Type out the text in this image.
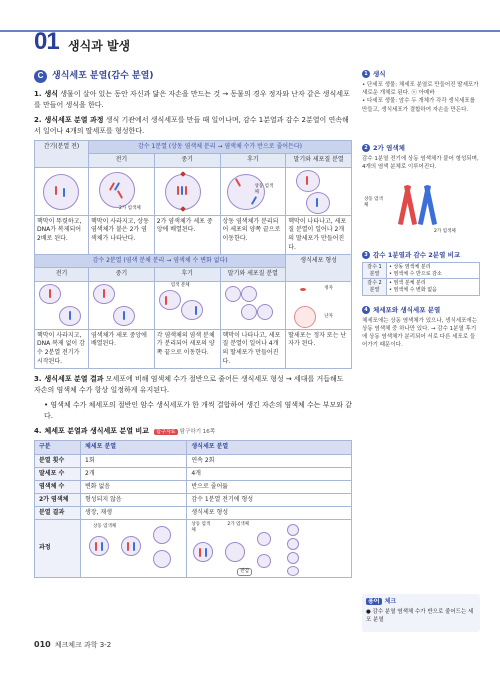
01 생식과 발생
C 생식세포 분열(감수 분열)

1. 생식 생물이 살아 있는 동안 자신과 닮은 자손을 만드는 것 → 동물의 경우 정자와 난자 같은 생식세포를 만들어 생식을 한다.

2. 생식세포 분열 과정 생식 기관에서 생식세포를 만들 때 일어나며, 감수 1분열과 감수 2분열이 연속해서 일어나 4개의 딸세포를 형성한다.

간기(분열 전)	감수 1분열 (상동 염색체 분리 → 염색체 수가 반으로 줄어든다)			
	전기	중기	후기	말기와 세포질 분열

	2가 염색체		상동 염색체	

핵막이 뚜렷하고, DNA가 복제되어 2배로 된다.	핵막이 사라지고, 상동 염색체가 붙은 2가 염색체가 나타난다.	2가 염색체가 세포 중앙에 배열된다.	상동 염색체가 분리되어 세포의 양쪽 끝으로 이동한다.	핵막이 나타나고, 세포질 분열이 일어나 2개의 딸세포가 만들어진다.
감수 2분열 (염색 분체 분리 → 염색체 수 변화 없다)				생식세포 형성
전기	중기	후기	말기와 세포질 분열	

		염색 분체		정자
난자

핵막이 사라지고, DNA 복제 없이 감수 2분열 전기가 시작된다.	염색체가 세포 중앙에 배열된다.	각 염색체의 염색 분체가 분리되어 세포의 양쪽 끝으로 이동한다.	핵막이 나타나고, 세포질 분열이 일어나 4개의 딸세포가 만들어진다.	딸세포는 정자 또는 난자가 된다.

3. 생식세포 분열 결과 모세포에 비해 염색체 수가 절반으로 줄어든 생식세포 형성 → 세대를 거듭해도 자손의 염색체 수가 항상 일정하게 유지된다.

• 염색체 수가 체세포의 절반인 암수 생식세포가 한 개씩 결합하여 생긴 자손의 염색체 수는 부모와 같다.

4. 체세포 분열과 생식세포 분열 비교 탐구자료 탐구하기 16쪽

구분	체세포 분열	생식세포 분열
분열 횟수	1회	연속 2회
딸세포 수	2개	4개
염색체 수	변화 없음	반으로 줄어듦
2가 염색체	형성되지 않음	감수 1분열 전기에 형성
분열 결과	생장, 재생	생식세포 형성
과정	상동 염색체	상동 염색체
2가 염색체
반감
1 생식
• 단세포 생물: 체세포 분열로 만들어진 딸세포가 새로운 개체로 된다. ⓔ 아메바
• 다세포 생물: 암수 두 개체가 각각 생식세포를 만들고, 생식세포가 결합하여 자손을 만든다.
2 2가 염색체
감수 1분열 전기에 상동 염색체가 붙어 형성되며, 4개의 염색 분체로 이루어진다.
상동 염색체
2가 염색체
3 감수 1분열과 감수 2분열 비교
감수 1분열	• 상동 염색체 분리
• 염색체 수 반으로 감소
감수 2분열	• 염색 분체 분리
• 염색체 수 변화 없음
4 체세포와 생식세포 분열
체세포에는 상동 염색체가 있으나, 생식세포에는 상동 염색체 중 하나만 있다. → 감수 1분열 후기에 상동 염색체가 분리되어 서로 다른 세포로 들어가기 때문이다.
용어 체크
● 감수 분열 염색체 수가 반으로 줄어드는 세포 분열
010 체크체크 과학 3-2
